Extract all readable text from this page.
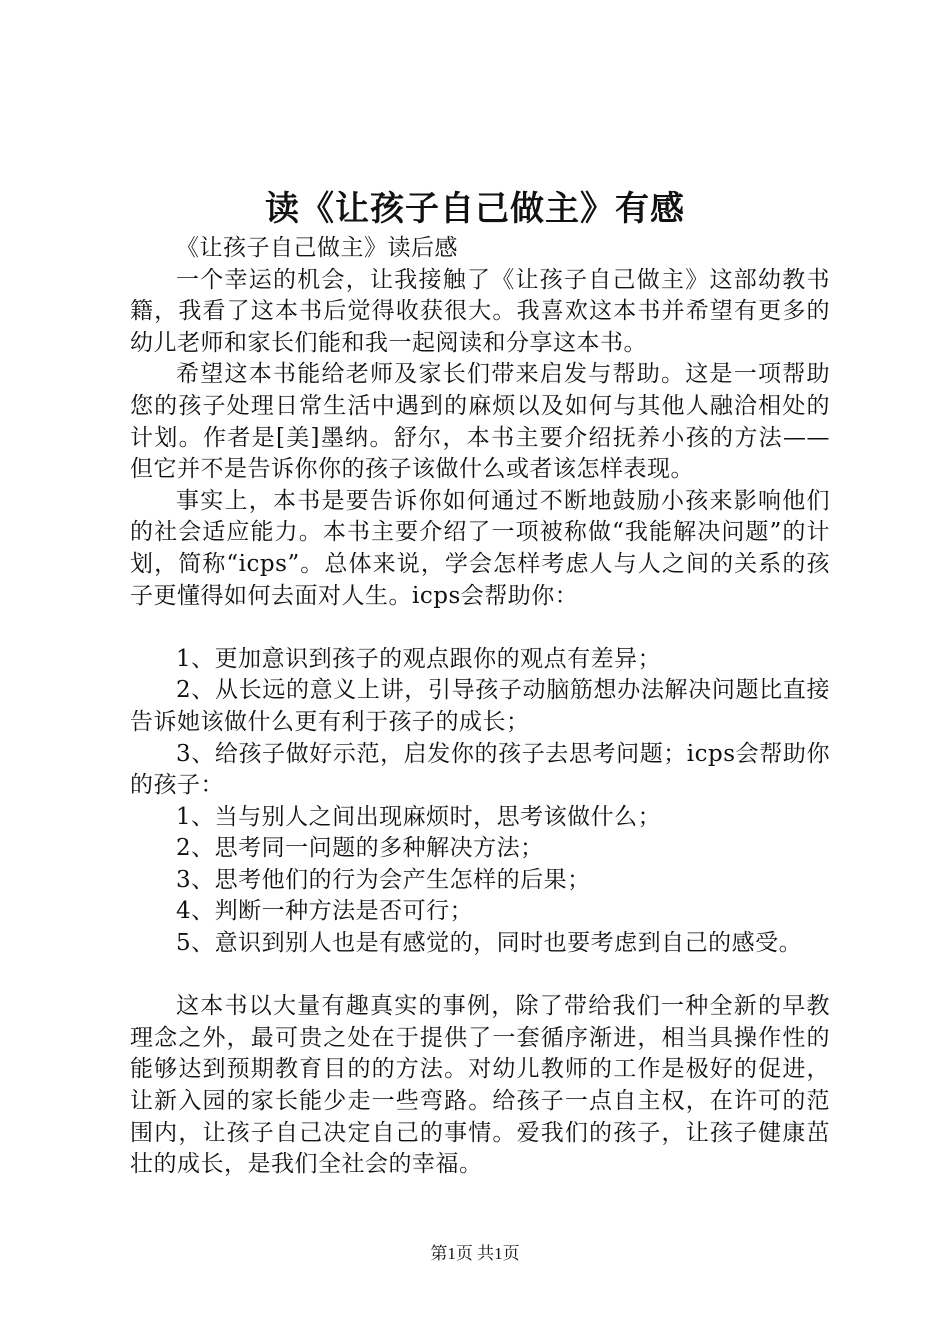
读《让孩子自己做主》有感

《让孩子自己做主》读后感

一个幸运的机会，让我接触了《让孩子自己做主》这部幼教书籍，我看了这本书后觉得收获很大。我喜欢这本书并希望有更多的幼儿老师和家长们能和我一起阅读和分享这本书。

希望这本书能给老师及家长们带来启发与帮助。这是一项帮助您的孩子处理日常生活中遇到的麻烦以及如何与其他人融洽相处的计划。作者是[美]墨纳。舒尔，本书主要介绍抚养小孩的方法——但它并不是告诉你你的孩子该做什么或者该怎样表现。

事实上，本书是要告诉你如何通过不断地鼓励小孩来影响他们的社会适应能力。本书主要介绍了一项被称做“我能解决问题”的计划，简称“icps”。总体来说，学会怎样考虑人与人之间的关系的孩子更懂得如何去面对人生。icps会帮助你：

1、更加意识到孩子的观点跟你的观点有差异；

2、从长远的意义上讲，引导孩子动脑筋想办法解决问题比直接告诉她该做什么更有利于孩子的成长；

3、给孩子做好示范，启发你的孩子去思考问题；icps会帮助你的孩子：

1、当与别人之间出现麻烦时，思考该做什么；

2、思考同一问题的多种解决方法；

3、思考他们的行为会产生怎样的后果；

4、判断一种方法是否可行；

5、意识到别人也是有感觉的，同时也要考虑到自己的感受。

这本书以大量有趣真实的事例，除了带给我们一种全新的早教理念之外，最可贵之处在于提供了一套循序渐进，相当具操作性的能够达到预期教育目的的方法。对幼儿教师的工作是极好的促进，让新入园的家长能少走一些弯路。给孩子一点自主权，在许可的范围内，让孩子自己决定自己的事情。爱我们的孩子，让孩子健康茁壮的成长，是我们全社会的幸福。

第1页 共1页
